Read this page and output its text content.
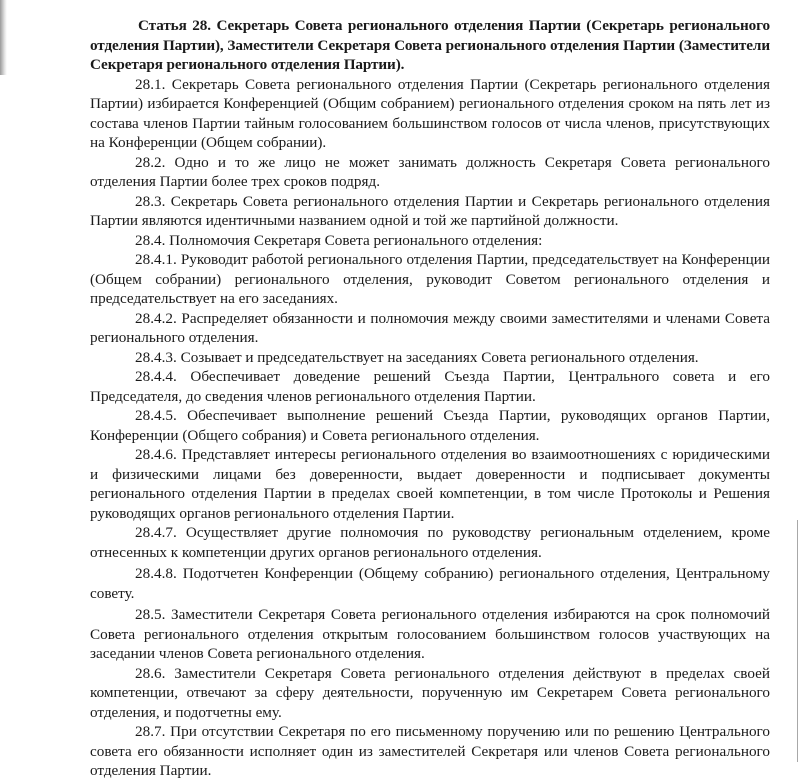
Статья 28. Секретарь Совета регионального отделения Партии (Секретарь регионального отделения Партии), Заместители Секретаря Совета регионального отделения Партии (Заместители Секретаря регионального отделения Партии).

28.1. Секретарь Совета регионального отделения Партии (Секретарь регионального отделения Партии) избирается Конференцией (Общим собранием) регионального отделения сроком на пять лет из состава членов Партии тайным голосованием большинством голосов от числа членов, присутствующих на Конференции (Общем собрании).

28.2. Одно и то же лицо не может занимать должность Секретаря Совета регионального отделения Партии более трех сроков подряд.

28.3. Секретарь Совета регионального отделения Партии и Секретарь регионального отделения Партии являются идентичными названием одной и той же партийной должности.

28.4. Полномочия Секретаря Совета регионального отделения:

28.4.1. Руководит работой регионального отделения Партии, председательствует на Конференции (Общем собрании) регионального отделения, руководит Советом регионального отделения и председательствует на его заседаниях.

28.4.2. Распределяет обязанности и полномочия между своими заместителями и членами Совета регионального отделения.

28.4.3. Созывает и председательствует на заседаниях Совета регионального отделения.

28.4.4. Обеспечивает доведение решений Съезда Партии, Центрального совета и его Председателя, до сведения членов регионального отделения Партии.

28.4.5. Обеспечивает выполнение решений Съезда Партии, руководящих органов Партии, Конференции (Общего собрания) и Совета регионального отделения.

28.4.6. Представляет интересы регионального отделения во взаимоотношениях с юридическими и физическими лицами без доверенности, выдает доверенности и подписывает документы регионального отделения Партии в пределах своей компетенции, в том числе Протоколы и Решения руководящих органов регионального отделения Партии.

28.4.7. Осуществляет другие полномочия по руководству региональным отделением, кроме отнесенных к компетенции других органов регионального отделения.

28.4.8. Подотчетен Конференции (Общему собранию) регионального отделения, Центральному совету.

28.5. Заместители Секретаря Совета регионального отделения избираются на срок полномочий Совета регионального отделения открытым голосованием большинством голосов участвующих на заседании членов Совета регионального отделения.

28.6. Заместители Секретаря Совета регионального отделения действуют в пределах своей компетенции, отвечают за сферу деятельности, порученную им Секретарем Совета регионального отделения, и подотчетны ему.

28.7. При отсутствии Секретаря по его письменному поручению или по решению Центрального совета его обязанности исполняет один из заместителей Секретаря или членов Совета регионального отделения Партии.
